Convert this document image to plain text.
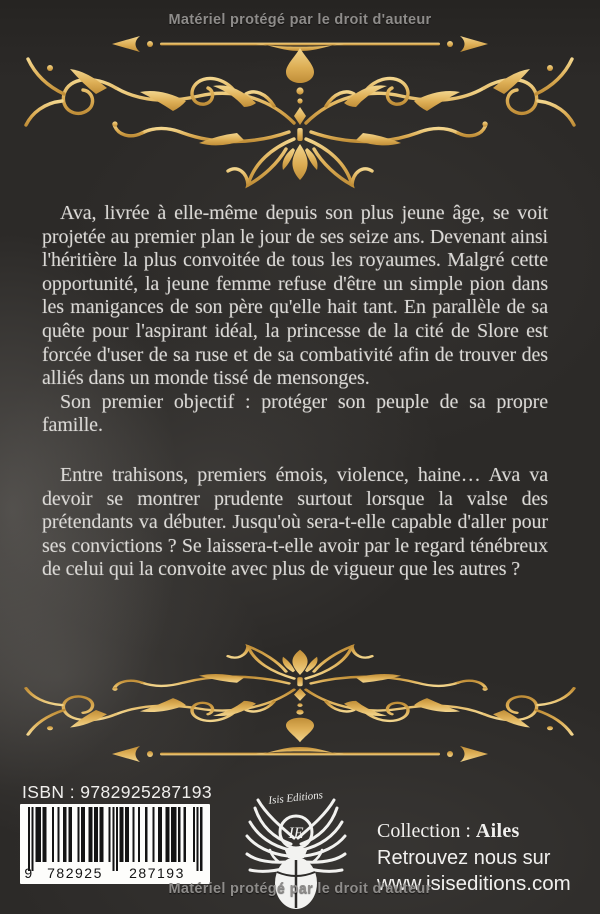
Matériel protégé par le droit d'auteur

Ava, livrée à elle-même depuis son plus jeune âge, se voit projetée au premier plan le jour de ses seize ans. Devenant ainsi l'héritière la plus convoitée de tous les royaumes. Malgré cette opportunité, la jeune femme refuse d'être un simple pion dans les manigances de son père qu'elle hait tant. En parallèle de sa quête pour l'aspirant idéal, la princesse de la cité de Slore est forcée d'user de sa ruse et de sa combativité afin de trouver des alliés dans un monde tissé de mensonges.

Son premier objectif : protéger son peuple de sa propre famille.

Entre trahisons, premiers émois, violence, haine… Ava va devoir se montrer prudente surtout lorsque la valse des prétendants va débuter. Jusqu'où sera-t-elle capable d'aller pour ses convictions ? Se laissera-t-elle avoir par le regard ténébreux de celui qui la convoite avec plus de vigueur que les autres ?

ISBN : 9782925287193
9 782925	287193
Isis Editions
IE	Collection : Ailes
Retrouvez nous sur
www.isiseditions.com
Matériel protégé par le droit d'auteur
